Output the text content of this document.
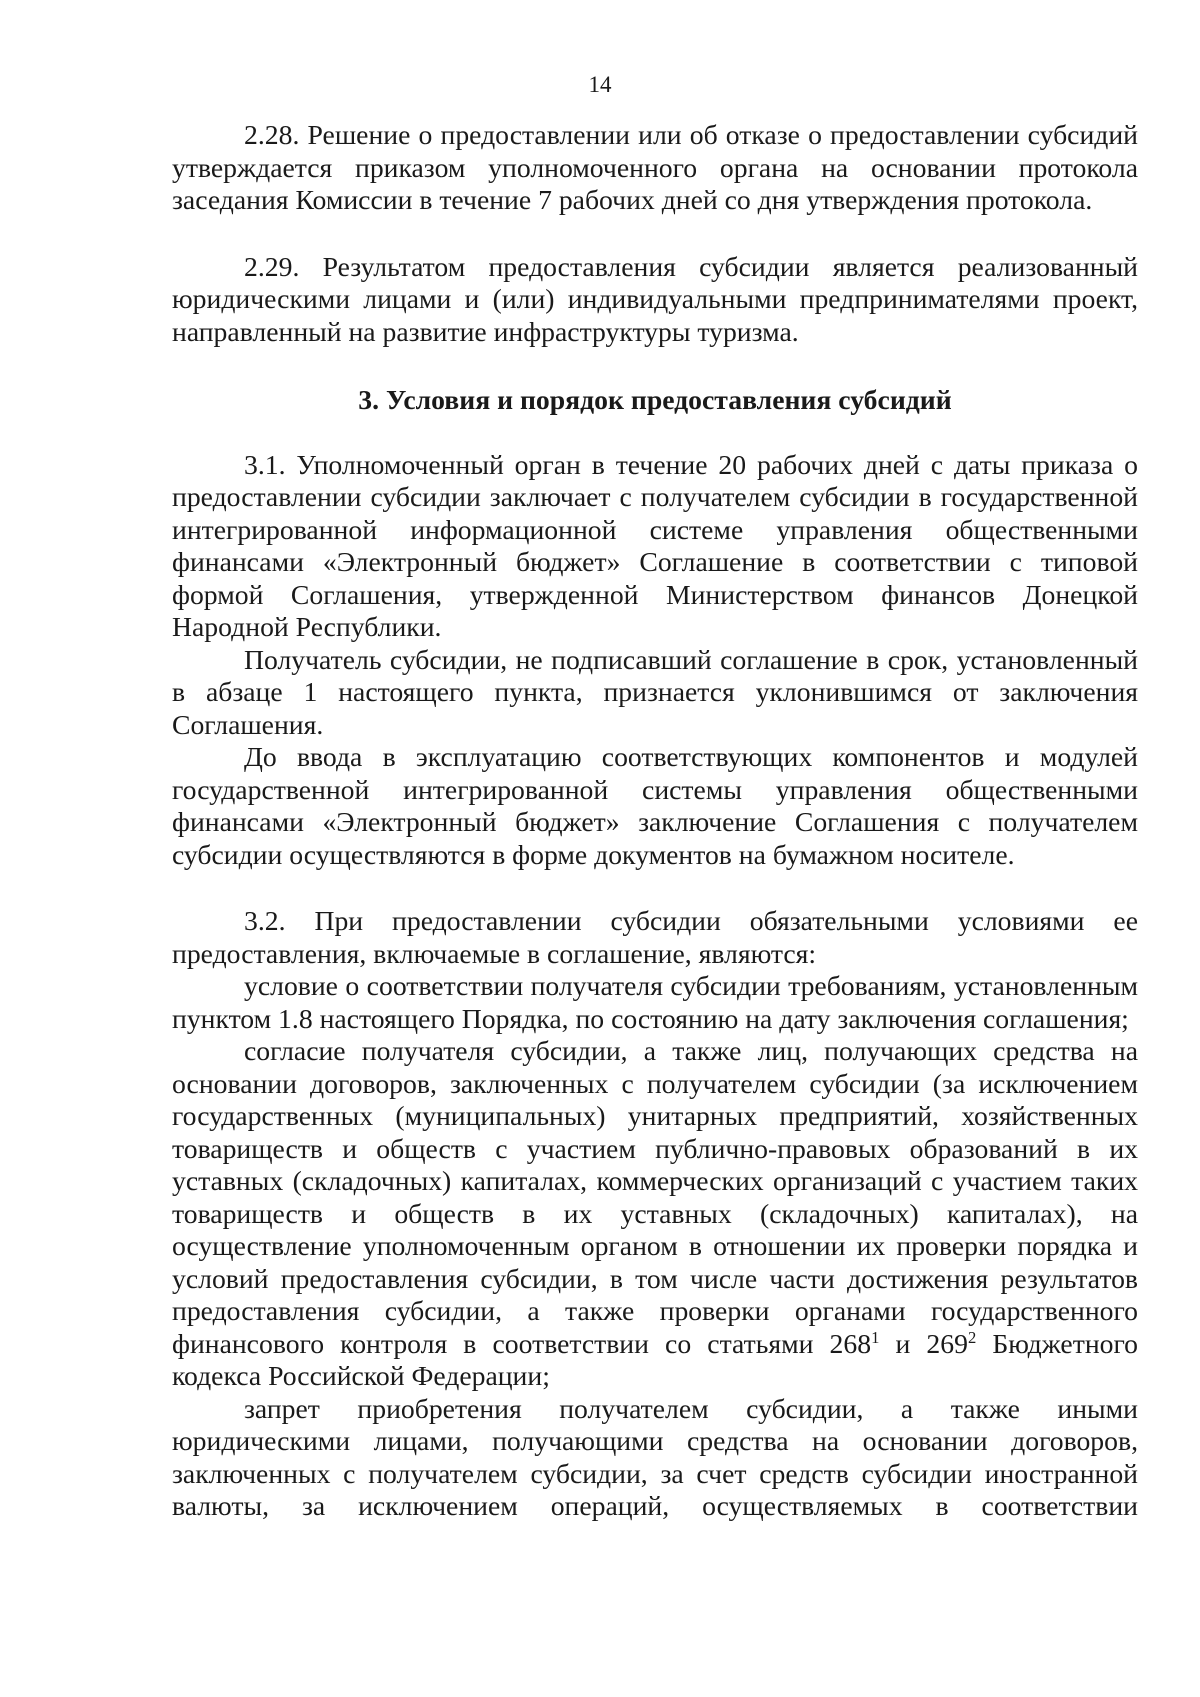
14

2.28. Решение о предоставлении или об отказе о предоставлении субсидий утверждается приказом уполномоченного органа на основании протокола заседания Комиссии в течение 7 рабочих дней со дня утверждения протокола.

2.29. Результатом предоставления субсидии является реализованный юридическими лицами и (или) индивидуальными предпринимателями проект, направленный на развитие инфраструктуры туризма.

3. Условия и порядок предоставления субсидий

3.1. Уполномоченный орган в течение 20 рабочих дней с даты приказа о предоставлении субсидии заключает с получателем субсидии в государственной интегрированной информационной системе управления общественными финансами «Электронный бюджет» Соглашение в соответствии с типовой формой Соглашения, утвержденной Министерством финансов Донецкой Народной Республики.

Получатель субсидии, не подписавший соглашение в срок, установленный в абзаце 1 настоящего пункта, признается уклонившимся от заключения Соглашения.

До ввода в эксплуатацию соответствующих компонентов и модулей государственной интегрированной системы управления общественными финансами «Электронный бюджет» заключение Соглашения с получателем субсидии осуществляются в форме документов на бумажном носителе.

3.2. При предоставлении субсидии обязательными условиями ее предоставления, включаемые в соглашение, являются:

условие о соответствии получателя субсидии требованиям, установленным пунктом 1.8 настоящего Порядка, по состоянию на дату заключения соглашения;

согласие получателя субсидии, а также лиц, получающих средства на основании договоров, заключенных с получателем субсидии (за исключением государственных (муниципальных) унитарных предприятий, хозяйственных товариществ и обществ с участием публично-правовых образований в их уставных (складочных) капиталах, коммерческих организаций с участием таких товариществ и обществ в их уставных (складочных) капиталах), на осуществление уполномоченным органом в отношении их проверки порядка и условий предоставления субсидии, в том числе части достижения результатов предоставления субсидии, а также проверки органами государственного финансового контроля в соответствии со статьями $268^1$ и $269^2$ Бюджетного кодекса Российской Федерации;

запрет приобретения получателем субсидии, а также иными юридическими лицами, получающими средства на основании договоров, заключенных с получателем субсидии, за счет средств субсидии иностранной валюты, за исключением операций, осуществляемых в соответствии
